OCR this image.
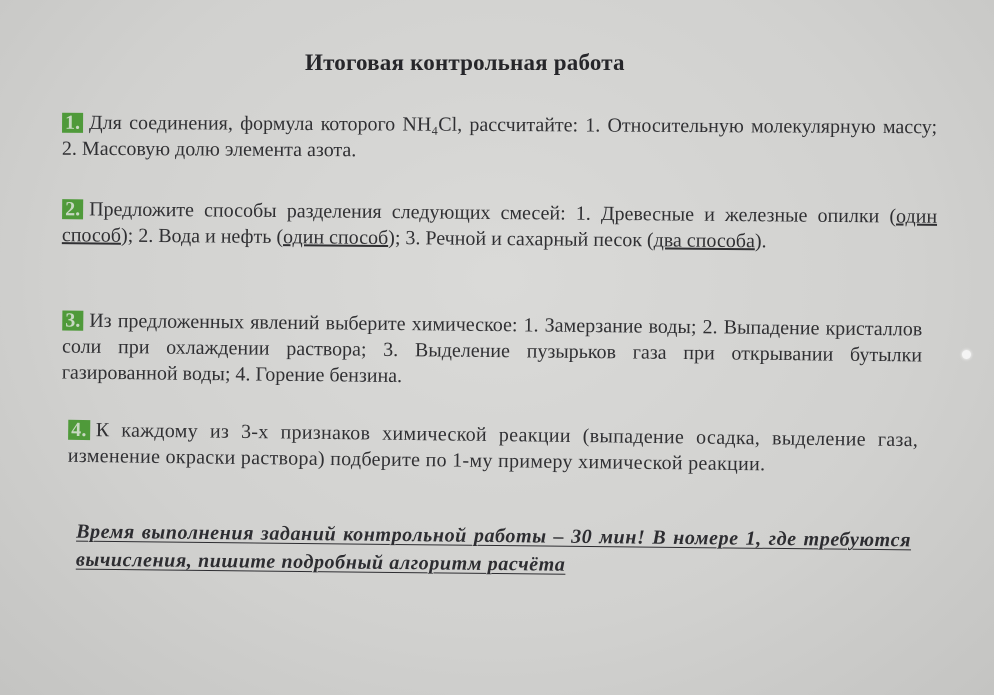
Итоговая контрольная работа
1. Для соединения, формула которого NH₄Cl, рассчитайте: 1. Относительную молекулярную массу; 2. Массовую долю элемента азота.
2. Предложите способы разделения следующих смесей: 1. Древесные и железные опилки (один способ); 2. Вода и нефть (один способ); 3. Речной и сахарный песок (два способа).
3. Из предложенных явлений выберите химическое: 1. Замерзание воды; 2. Выпадение кристаллов соли при охлаждении раствора; 3. Выделение пузырьков газа при открывании бутылки газированной воды; 4. Горение бензина.
4. К каждому из 3-х признаков химической реакции (выпадение осадка, выделение газа, изменение окраски раствора) подберите по 1-му примеру химической реакции.
Время выполнения заданий контрольной работы – 30 мин! В номере 1, где требуются вычисления, пишите подробный алгоритм расчёта
